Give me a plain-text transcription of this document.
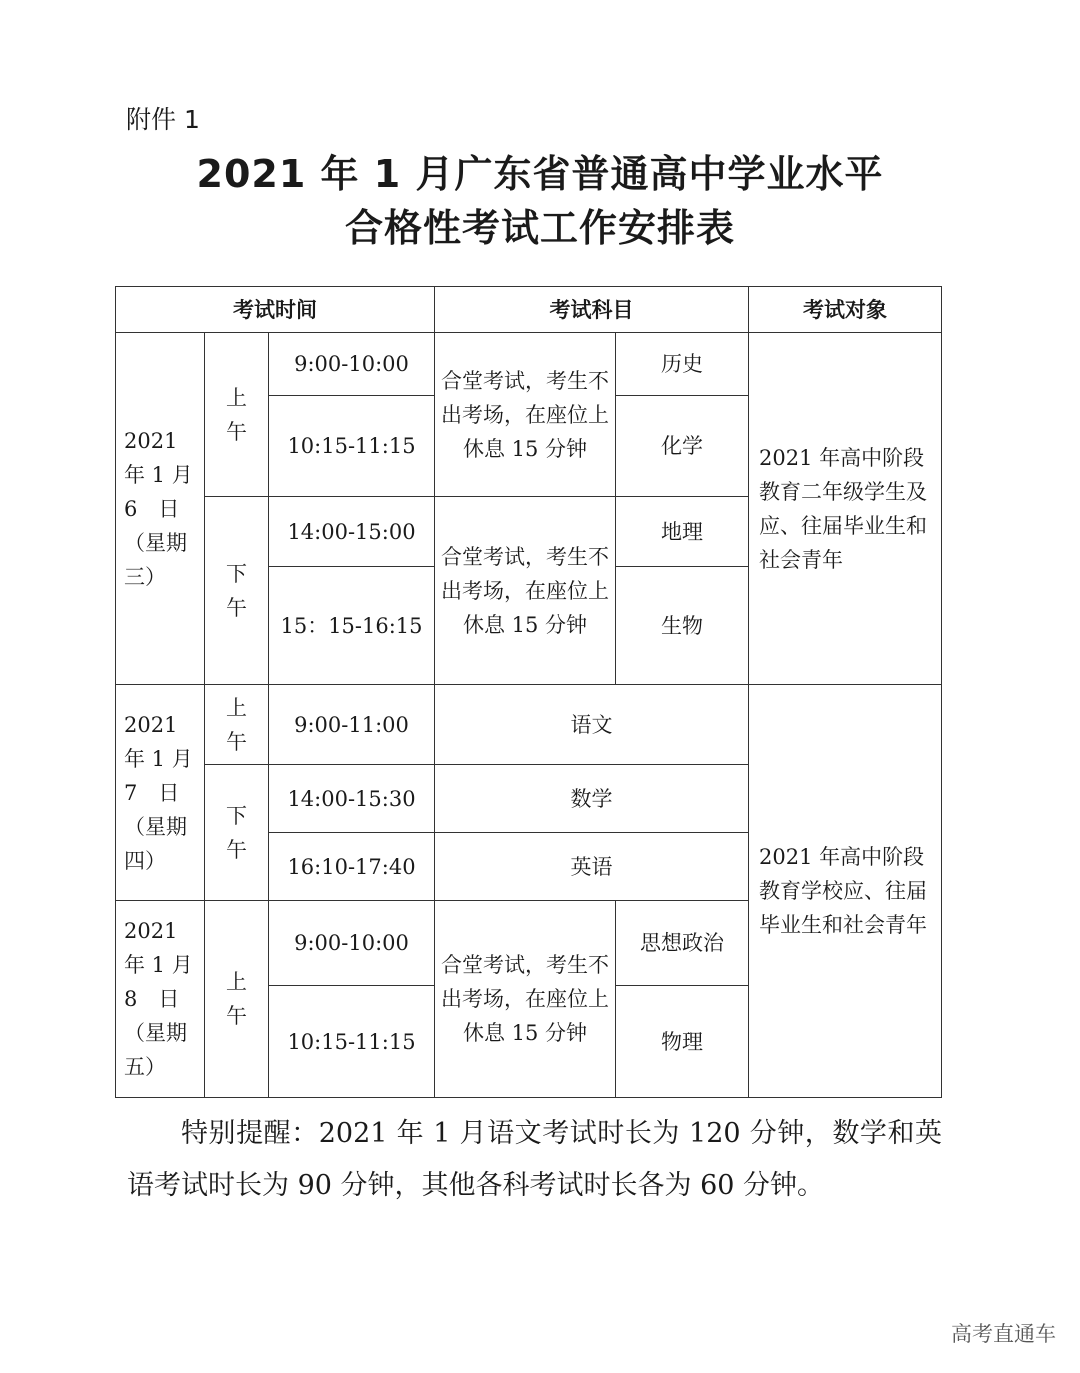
附件 1
2021 年 1 月广东省普通高中学业水平
合格性考试工作安排表
考试时间			考试科目		考试对象
2021 年 1 月 6　日（星期三）	上午	9:00-10:00	合堂考试，考生不出考场，在座位上休息 15 分钟	历史	2021 年高中阶段教育二年级学生及应、往届毕业生和社会青年
		10:15-11:15		化学	

	下午	14:00-15:00	合堂考试，考生不出考场，在座位上休息 15 分钟	地理	
		15：15-16:15		生物	
2021 年 1 月 7　日（星期四）	上午	9:00-11:00	语文		2021 年高中阶段教育学校应、往届毕业生和社会青年

	下午	14:00-15:30	数学		
		16:10-17:40	英语		
2021 年 1 月 8　日（星期五）	上午	9:00-10:00	合堂考试，考生不出考场，在座位上休息 15 分钟	思想政治	
		10:15-11:15		物理	
特别提醒：2021 年 1 月语文考试时长为 120 分钟，数学和英语考试时长为 90 分钟，其他各科考试时长各为 60 分钟。
高考直通车
